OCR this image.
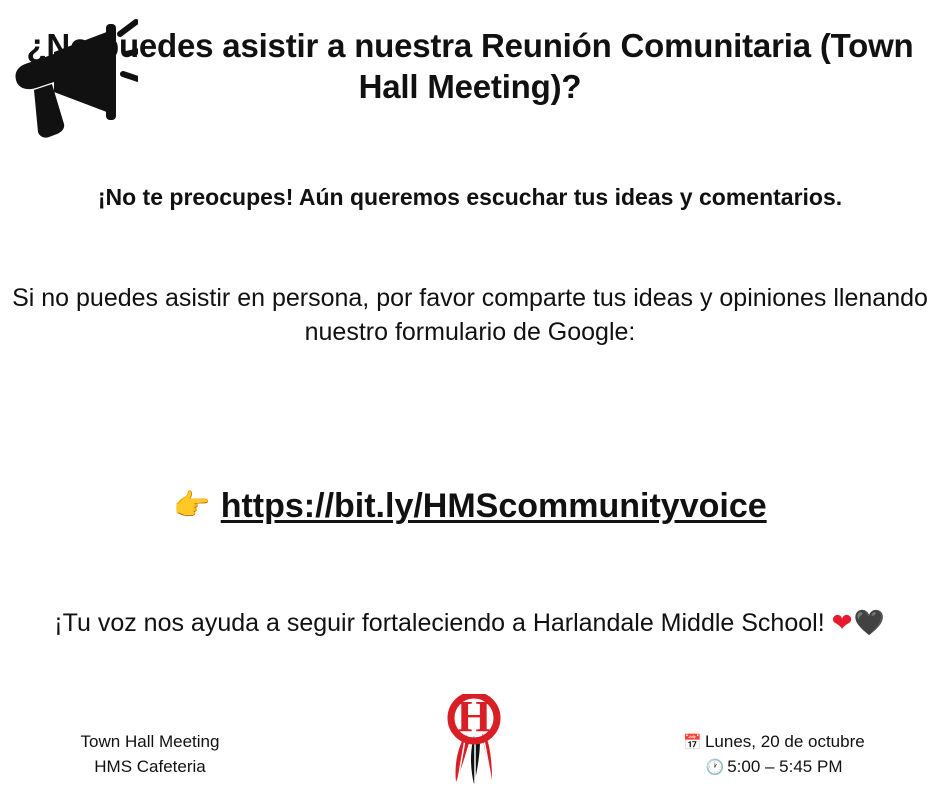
¿No puedes asistir a nuestra Reunión Comunitaria (Town Hall Meeting)?
¡No te preocupes! Aún queremos escuchar tus ideas y comentarios.
Si no puedes asistir en persona, por favor comparte tus ideas y opiniones llenando nuestro formulario de Google:
👉 https://bit.ly/HMScommunityvoice
¡Tu voz nos ayuda a seguir fortaleciendo a Harlandale Middle School! ❤🖤
H
Town Hall Meeting
HMS Cafeteria
📅 Lunes, 20 de octubre
🕐 5:00 – 5:45 PM
